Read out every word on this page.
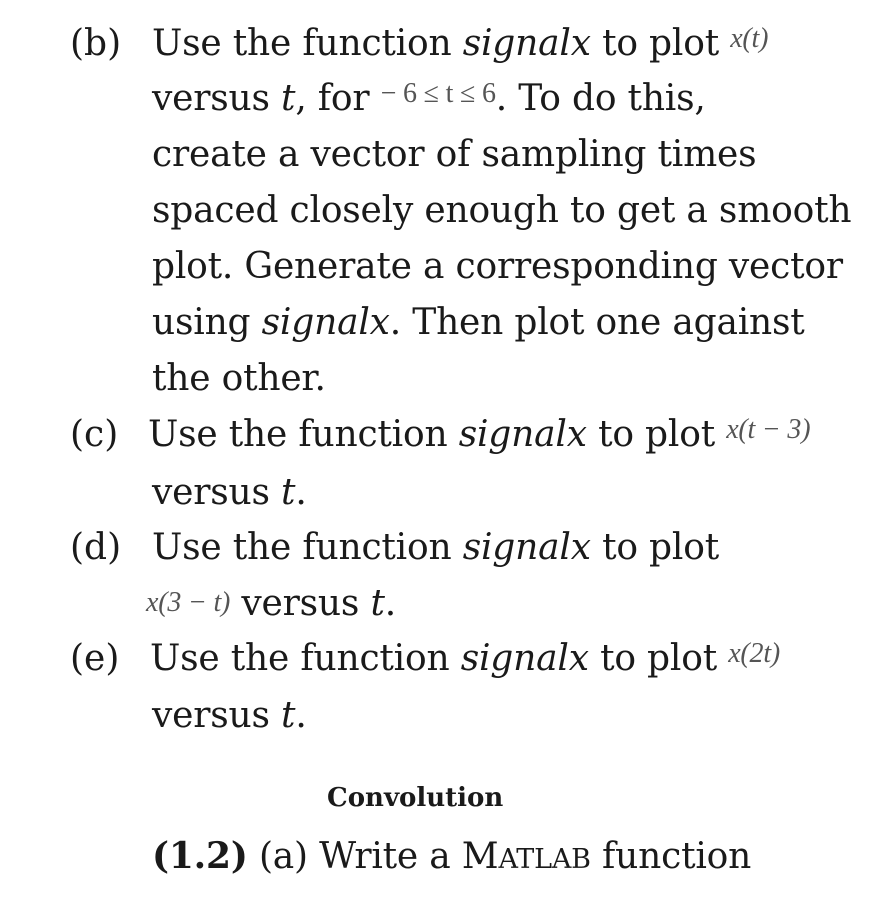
(b) Use the function signalx to plot $^{x(t)}$
versus t, for $^{- 6 \le t \le 6}$. To do this,
create a vector of sampling times
spaced closely enough to get a smooth
plot. Generate a corresponding vector
using signalx. Then plot one against
the other.
(c) Use the function signalx to plot $^{x(t - 3)}$
versus t.
(d) Use the function signalx to plot
x(3 − t) versus t.
(e) Use the function signalx to plot $^{x(2t)}$
versus t.
Convolution
(1.2) (a) Write a MATLAB function
